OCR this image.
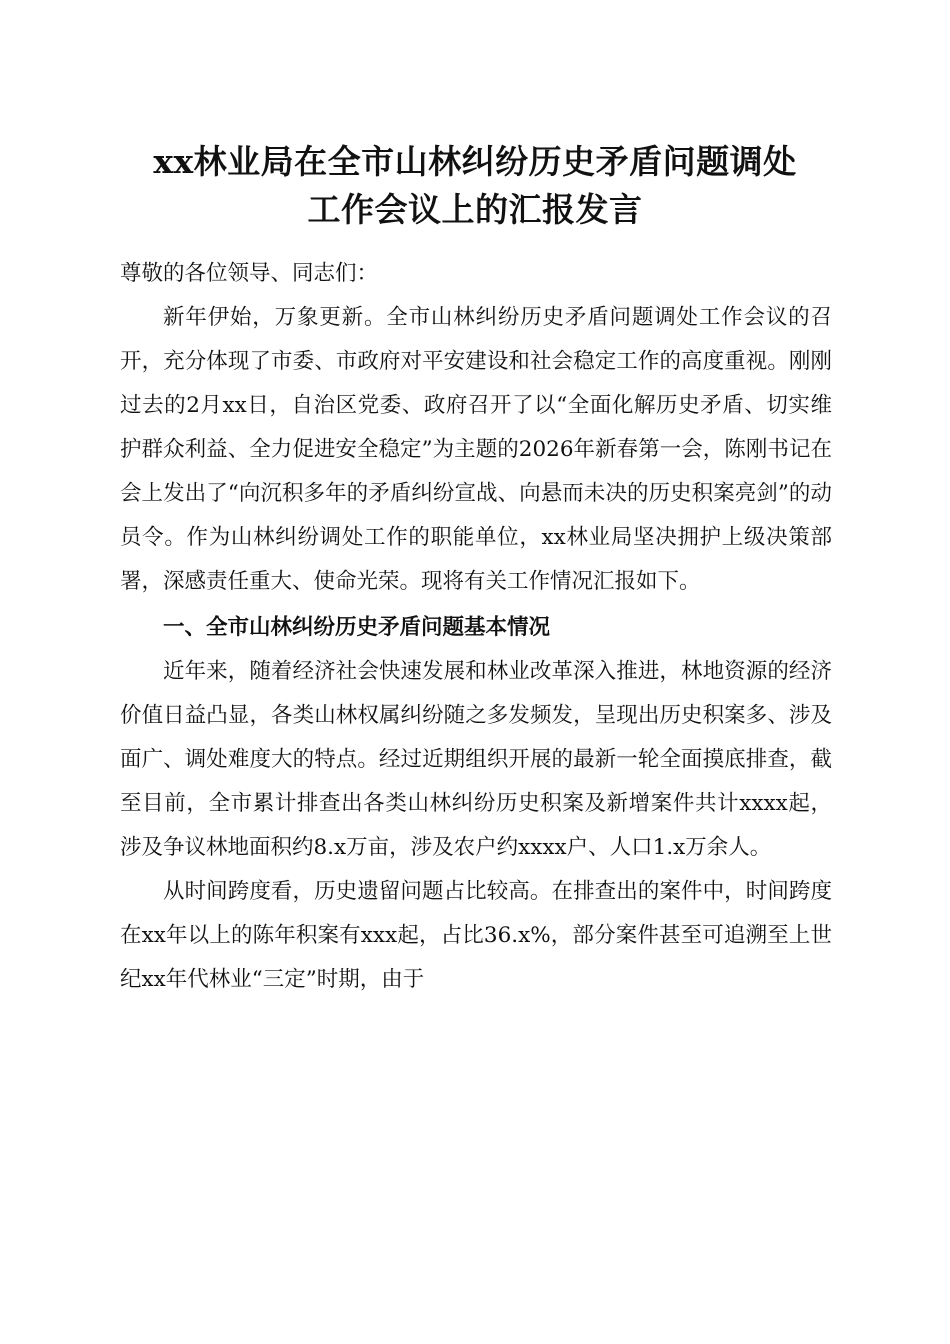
xx林业局在全市山林纠纷历史矛盾问题调处
工作会议上的汇报发言

尊敬的各位领导、同志们：

新年伊始，万象更新。全市山林纠纷历史矛盾问题调处工作会议的召开，充分体现了市委、市政府对平安建设和社会稳定工作的高度重视。刚刚过去的2月xx日，自治区党委、政府召开了以“全面化解历史矛盾、切实维护群众利益、全力促进安全稳定”为主题的2026年新春第一会，陈刚书记在会上发出了“向沉积多年的矛盾纠纷宣战、向悬而未决的历史积案亮剑”的动员令。作为山林纠纷调处工作的职能单位，xx林业局坚决拥护上级决策部署，深感责任重大、使命光荣。现将有关工作情况汇报如下。

一、全市山林纠纷历史矛盾问题基本情况

近年来，随着经济社会快速发展和林业改革深入推进，林地资源的经济价值日益凸显，各类山林权属纠纷随之多发频发，呈现出历史积案多、涉及面广、调处难度大的特点。经过近期组织开展的最新一轮全面摸底排查，截至目前，全市累计排查出各类山林纠纷历史积案及新增案件共计xxxx起，涉及争议林地面积约8.x万亩，涉及农户约xxxx户、人口1.x万余人。

从时间跨度看，历史遗留问题占比较高。在排查出的案件中，时间跨度在xx年以上的陈年积案有xxx起，占比36.x%，部分案件甚至可追溯至上世纪xx年代林业“三定”时期，由于
